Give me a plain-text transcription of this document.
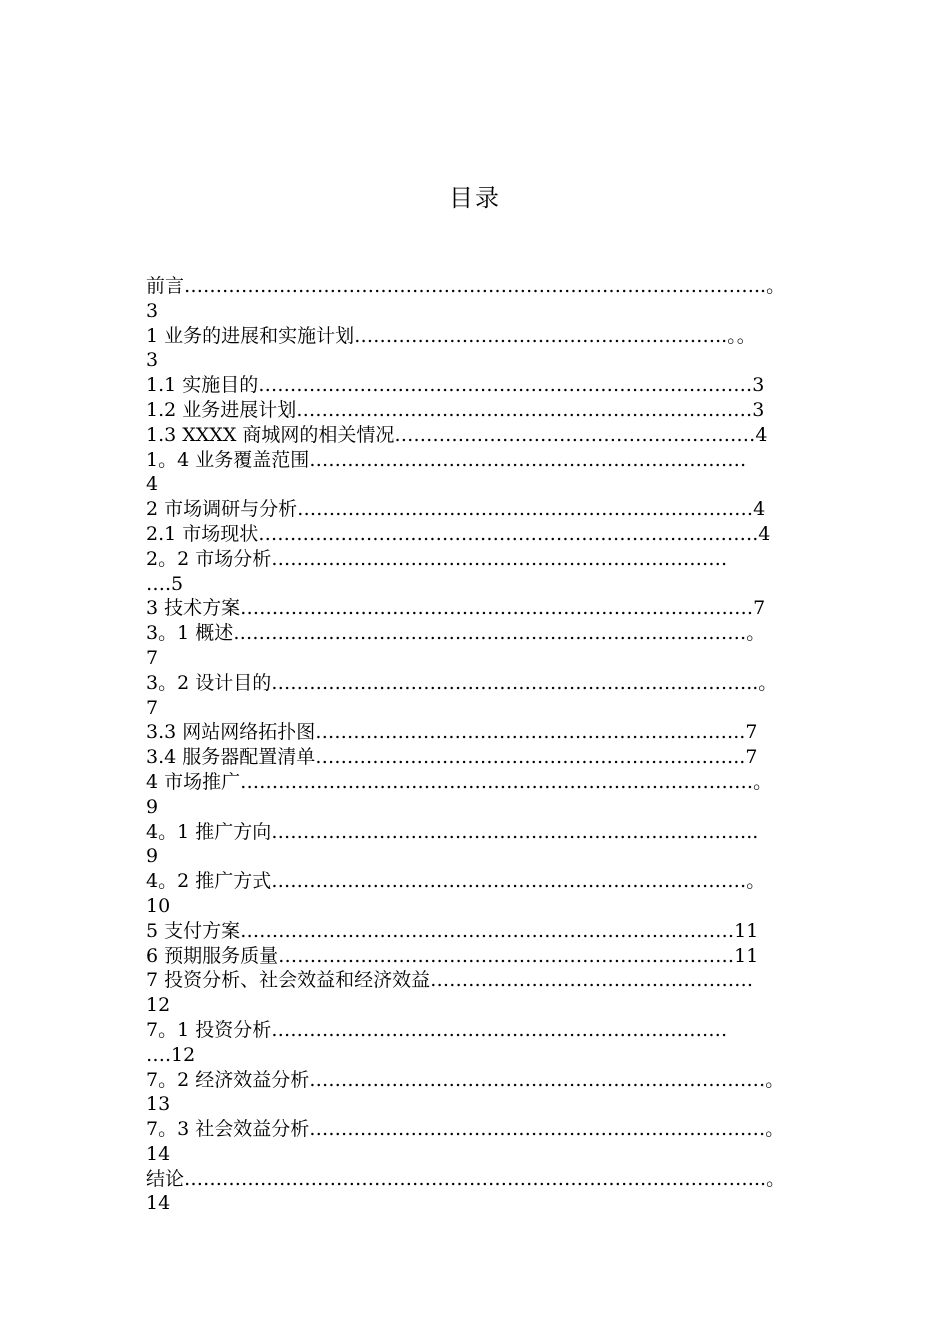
目录
前言………………………………………………………………………………..。
3
1 业务的进展和实施计划…………………………………………………..。。
3
1.1 实施目的……………………………………………………………………3
1.2 业务进展计划………………………………………………………………3
1.3 XXXX 商城网的相关情况…………………………………………………4
1。4 业务覆盖范围……………………………………………………………
4
2 市场调研与分析………………………………………………………………4
2.1 市场现状…………………………………………………………………….4
2。2 市场分析………………………………………………………………
….5
3 技术方案………………………………………………………………………7
3。1 概述………………………………………………………………………。
7
3。2 设计目的…………………………………………………………………..。
7
3.3 网站网络拓扑图…………………………………………………………..7
3.4 服务器配置清单…………………………………………………………..7
4 市场推广………………………………………………………………………。
9
4。1 推广方向…………………………………………………………………..
9
4。2 推广方式…………………………………………………………………。
10
5 支付方案……………………………………………………………………11
6 预期服务质量………………………………………………………………11
7 投资分析、社会效益和经济效益……………………………………………
12
7。1 投资分析………………………………………………………………
….12
7。2 经济效益分析………………………………………………………………。
13
7。3 社会效益分析………………………………………………………………。
14
结论………………………………………………………………………………..。
14
